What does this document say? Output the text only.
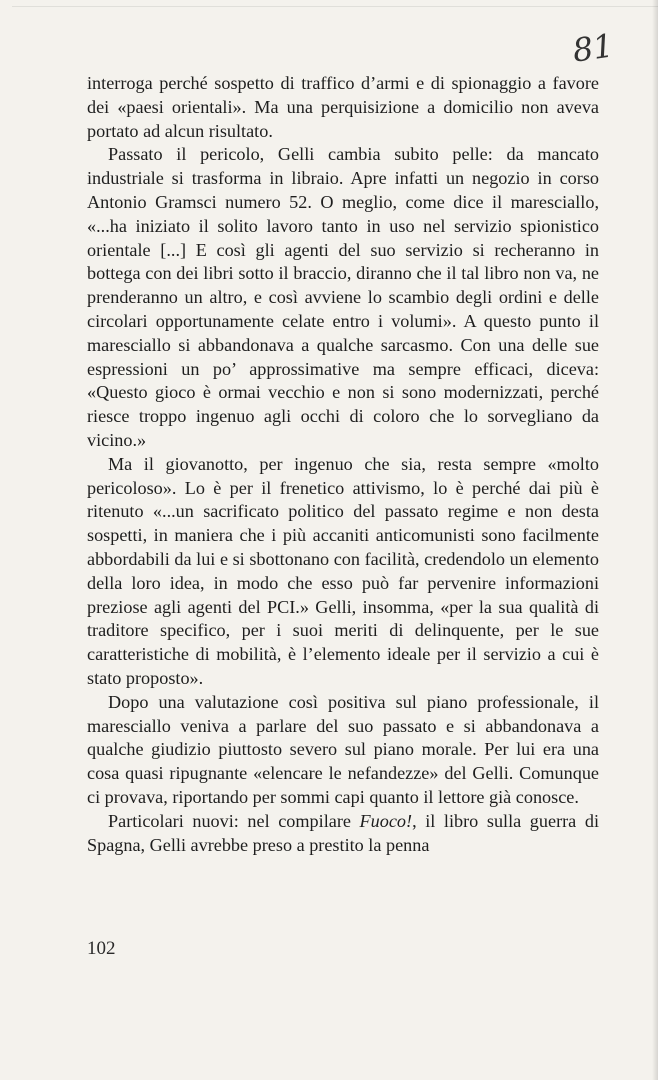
81

interroga perché sospetto di traffico d’armi e di spionaggio a favore dei «paesi orientali». Ma una perquisizione a domicilio non aveva portato ad alcun risultato.

Passato il pericolo, Gelli cambia subito pelle: da mancato industriale si trasforma in libraio. Apre infatti un negozio in corso Antonio Gramsci numero 52. O meglio, come dice il maresciallo, «...ha iniziato il solito lavoro tanto in uso nel servizio spionistico orientale [...] E così gli agenti del suo servizio si recheranno in bottega con dei libri sotto il braccio, diranno che il tal libro non va, ne prenderanno un altro, e così avviene lo scambio degli ordini e delle circolari opportunamente celate entro i volumi». A questo punto il maresciallo si abbandonava a qualche sarcasmo. Con una delle sue espressioni un po’ approssimative ma sempre efficaci, diceva: «Questo gioco è ormai vecchio e non si sono modernizzati, perché riesce troppo ingenuo agli occhi di coloro che lo sorvegliano da vicino.»

Ma il giovanotto, per ingenuo che sia, resta sempre «molto pericoloso». Lo è per il frenetico attivismo, lo è perché dai più è ritenuto «...un sacrificato politico del passato regime e non desta sospetti, in maniera che i più accaniti anticomunisti sono facilmente abbordabili da lui e si sbottonano con facilità, credendolo un elemento della loro idea, in modo che esso può far pervenire informazioni preziose agli agenti del PCI.» Gelli, insomma, «per la sua qualità di traditore specifico, per i suoi meriti di delinquente, per le sue caratteristiche di mobilità, è l’elemento ideale per il servizio a cui è stato proposto».

Dopo una valutazione così positiva sul piano professionale, il maresciallo veniva a parlare del suo passato e si abbandonava a qualche giudizio piuttosto severo sul piano morale. Per lui era una cosa quasi ripugnante «elencare le nefandezze» del Gelli. Comunque ci provava, riportando per sommi capi quanto il lettore già conosce.

Particolari nuovi: nel compilare Fuoco!, il libro sulla guerra di Spagna, Gelli avrebbe preso a prestito la penna

102
